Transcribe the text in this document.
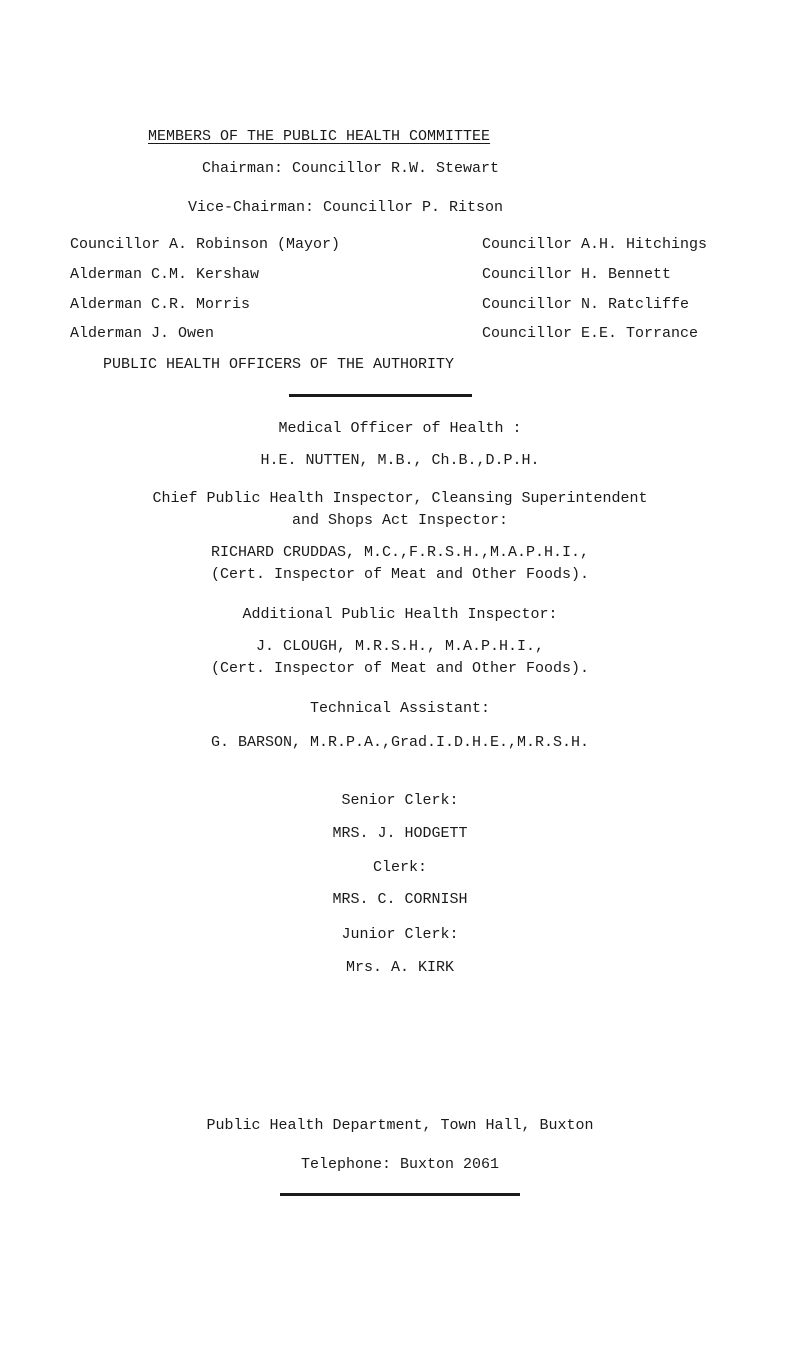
MEMBERS OF THE PUBLIC HEALTH COMMITTEE
Chairman: Councillor R.W. Stewart
Vice-Chairman: Councillor P. Ritson
Councillor A. Robinson (Mayor)
Alderman C.M. Kershaw
Alderman C.R. Morris
Alderman J. Owen
Councillor A.H. Hitchings
Councillor H. Bennett
Councillor N. Ratcliffe
Councillor E.E. Torrance
PUBLIC HEALTH OFFICERS OF THE AUTHORITY
Medical Officer of Health :
H.E. NUTTEN, M.B., Ch.B.,D.P.H.
Chief Public Health Inspector, Cleansing Superintendent
and Shops Act Inspector:
RICHARD CRUDDAS, M.C.,F.R.S.H.,M.A.P.H.I.,
(Cert. Inspector of Meat and Other Foods).
Additional Public Health Inspector:
J. CLOUGH, M.R.S.H., M.A.P.H.I.,
(Cert. Inspector of Meat and Other Foods).
Technical Assistant:
G. BARSON, M.R.P.A.,Grad.I.D.H.E.,M.R.S.H.
Senior Clerk:
MRS. J. HODGETT
Clerk:
MRS. C. CORNISH
Junior Clerk:
Mrs. A. KIRK
Public Health Department, Town Hall, Buxton
Telephone: Buxton 2061
